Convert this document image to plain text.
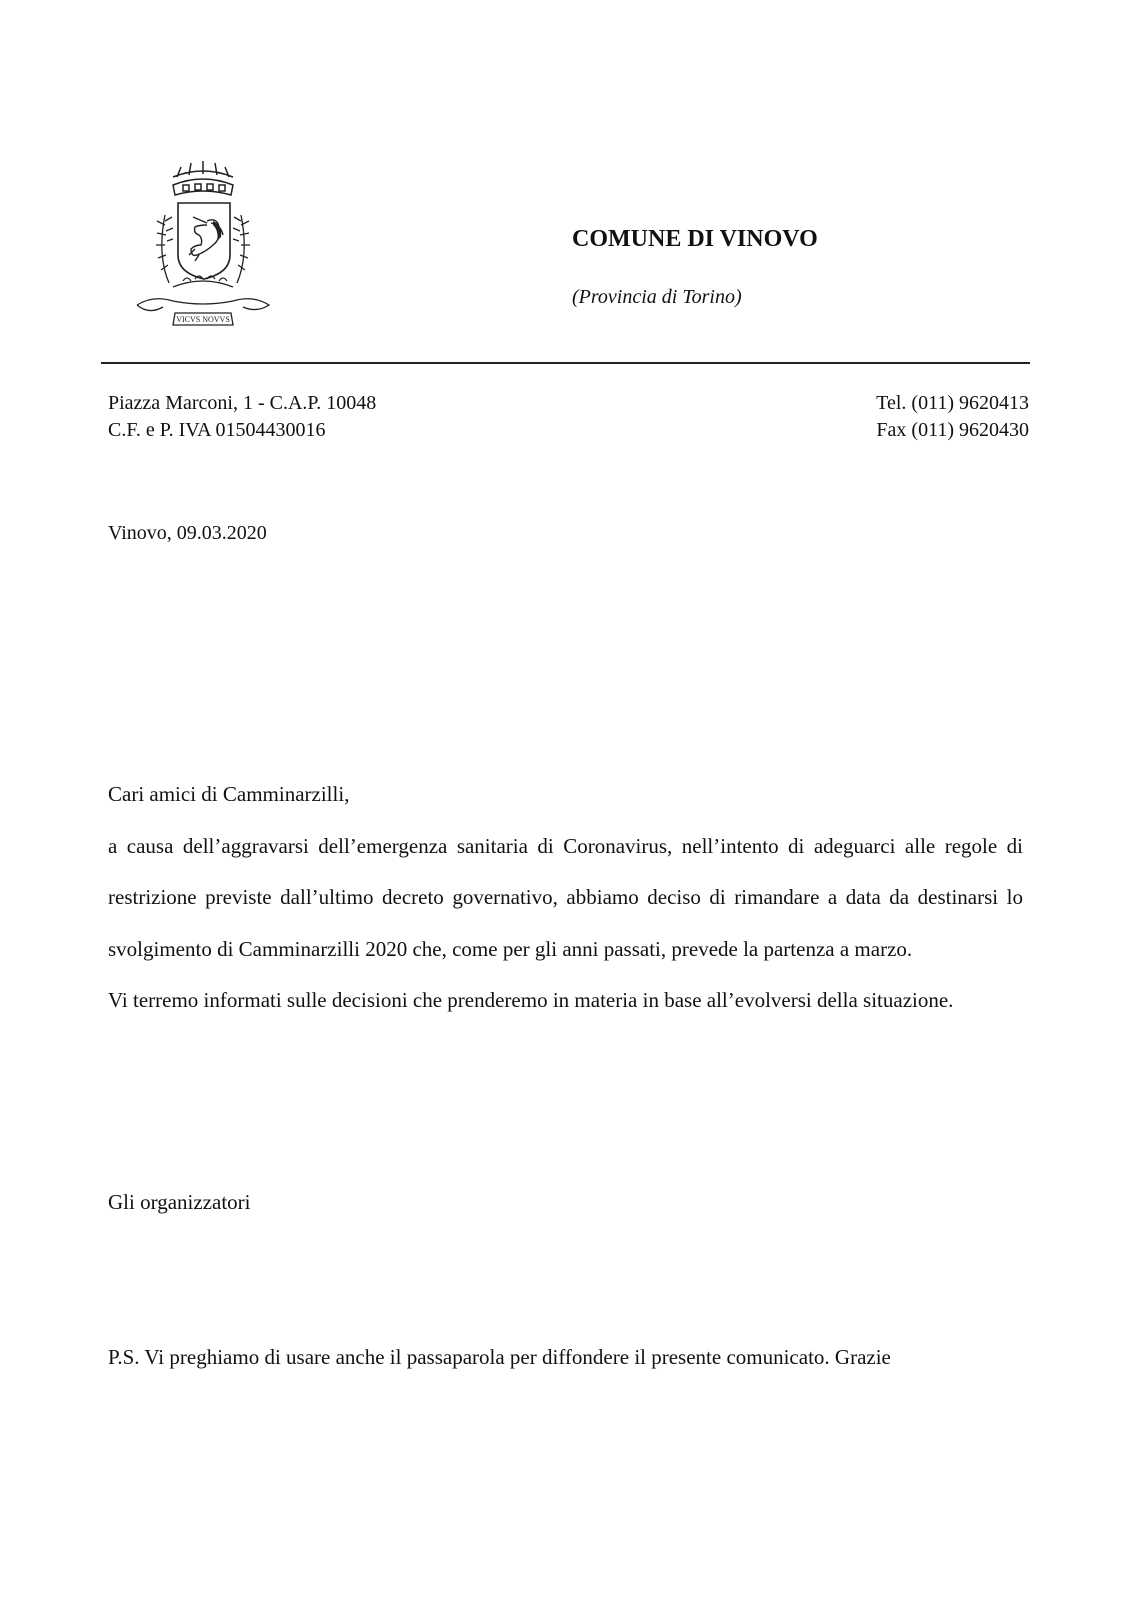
VICVS NOVVS
COMUNE DI VINOVO
(Provincia di Torino)
Piazza Marconi, 1 - C.A.P. 10048
C.F. e P. IVA 01504430016
Tel. (011) 9620413
Fax (011) 9620430
Vinovo, 09.03.2020

Cari amici di Camminarzilli,

a causa dell’aggravarsi dell’emergenza sanitaria di Coronavirus, nell’intento di adeguarci alle regole di restrizione previste dall’ultimo decreto governativo, abbiamo deciso di rimandare a data da destinarsi lo svolgimento di Camminarzilli 2020 che, come per gli anni passati, prevede la partenza a marzo.

Vi terremo informati sulle decisioni che prenderemo in materia in base all’evolversi della situazione.

Gli organizzatori
P.S. Vi preghiamo di usare anche il passaparola per diffondere il presente comunicato. Grazie
